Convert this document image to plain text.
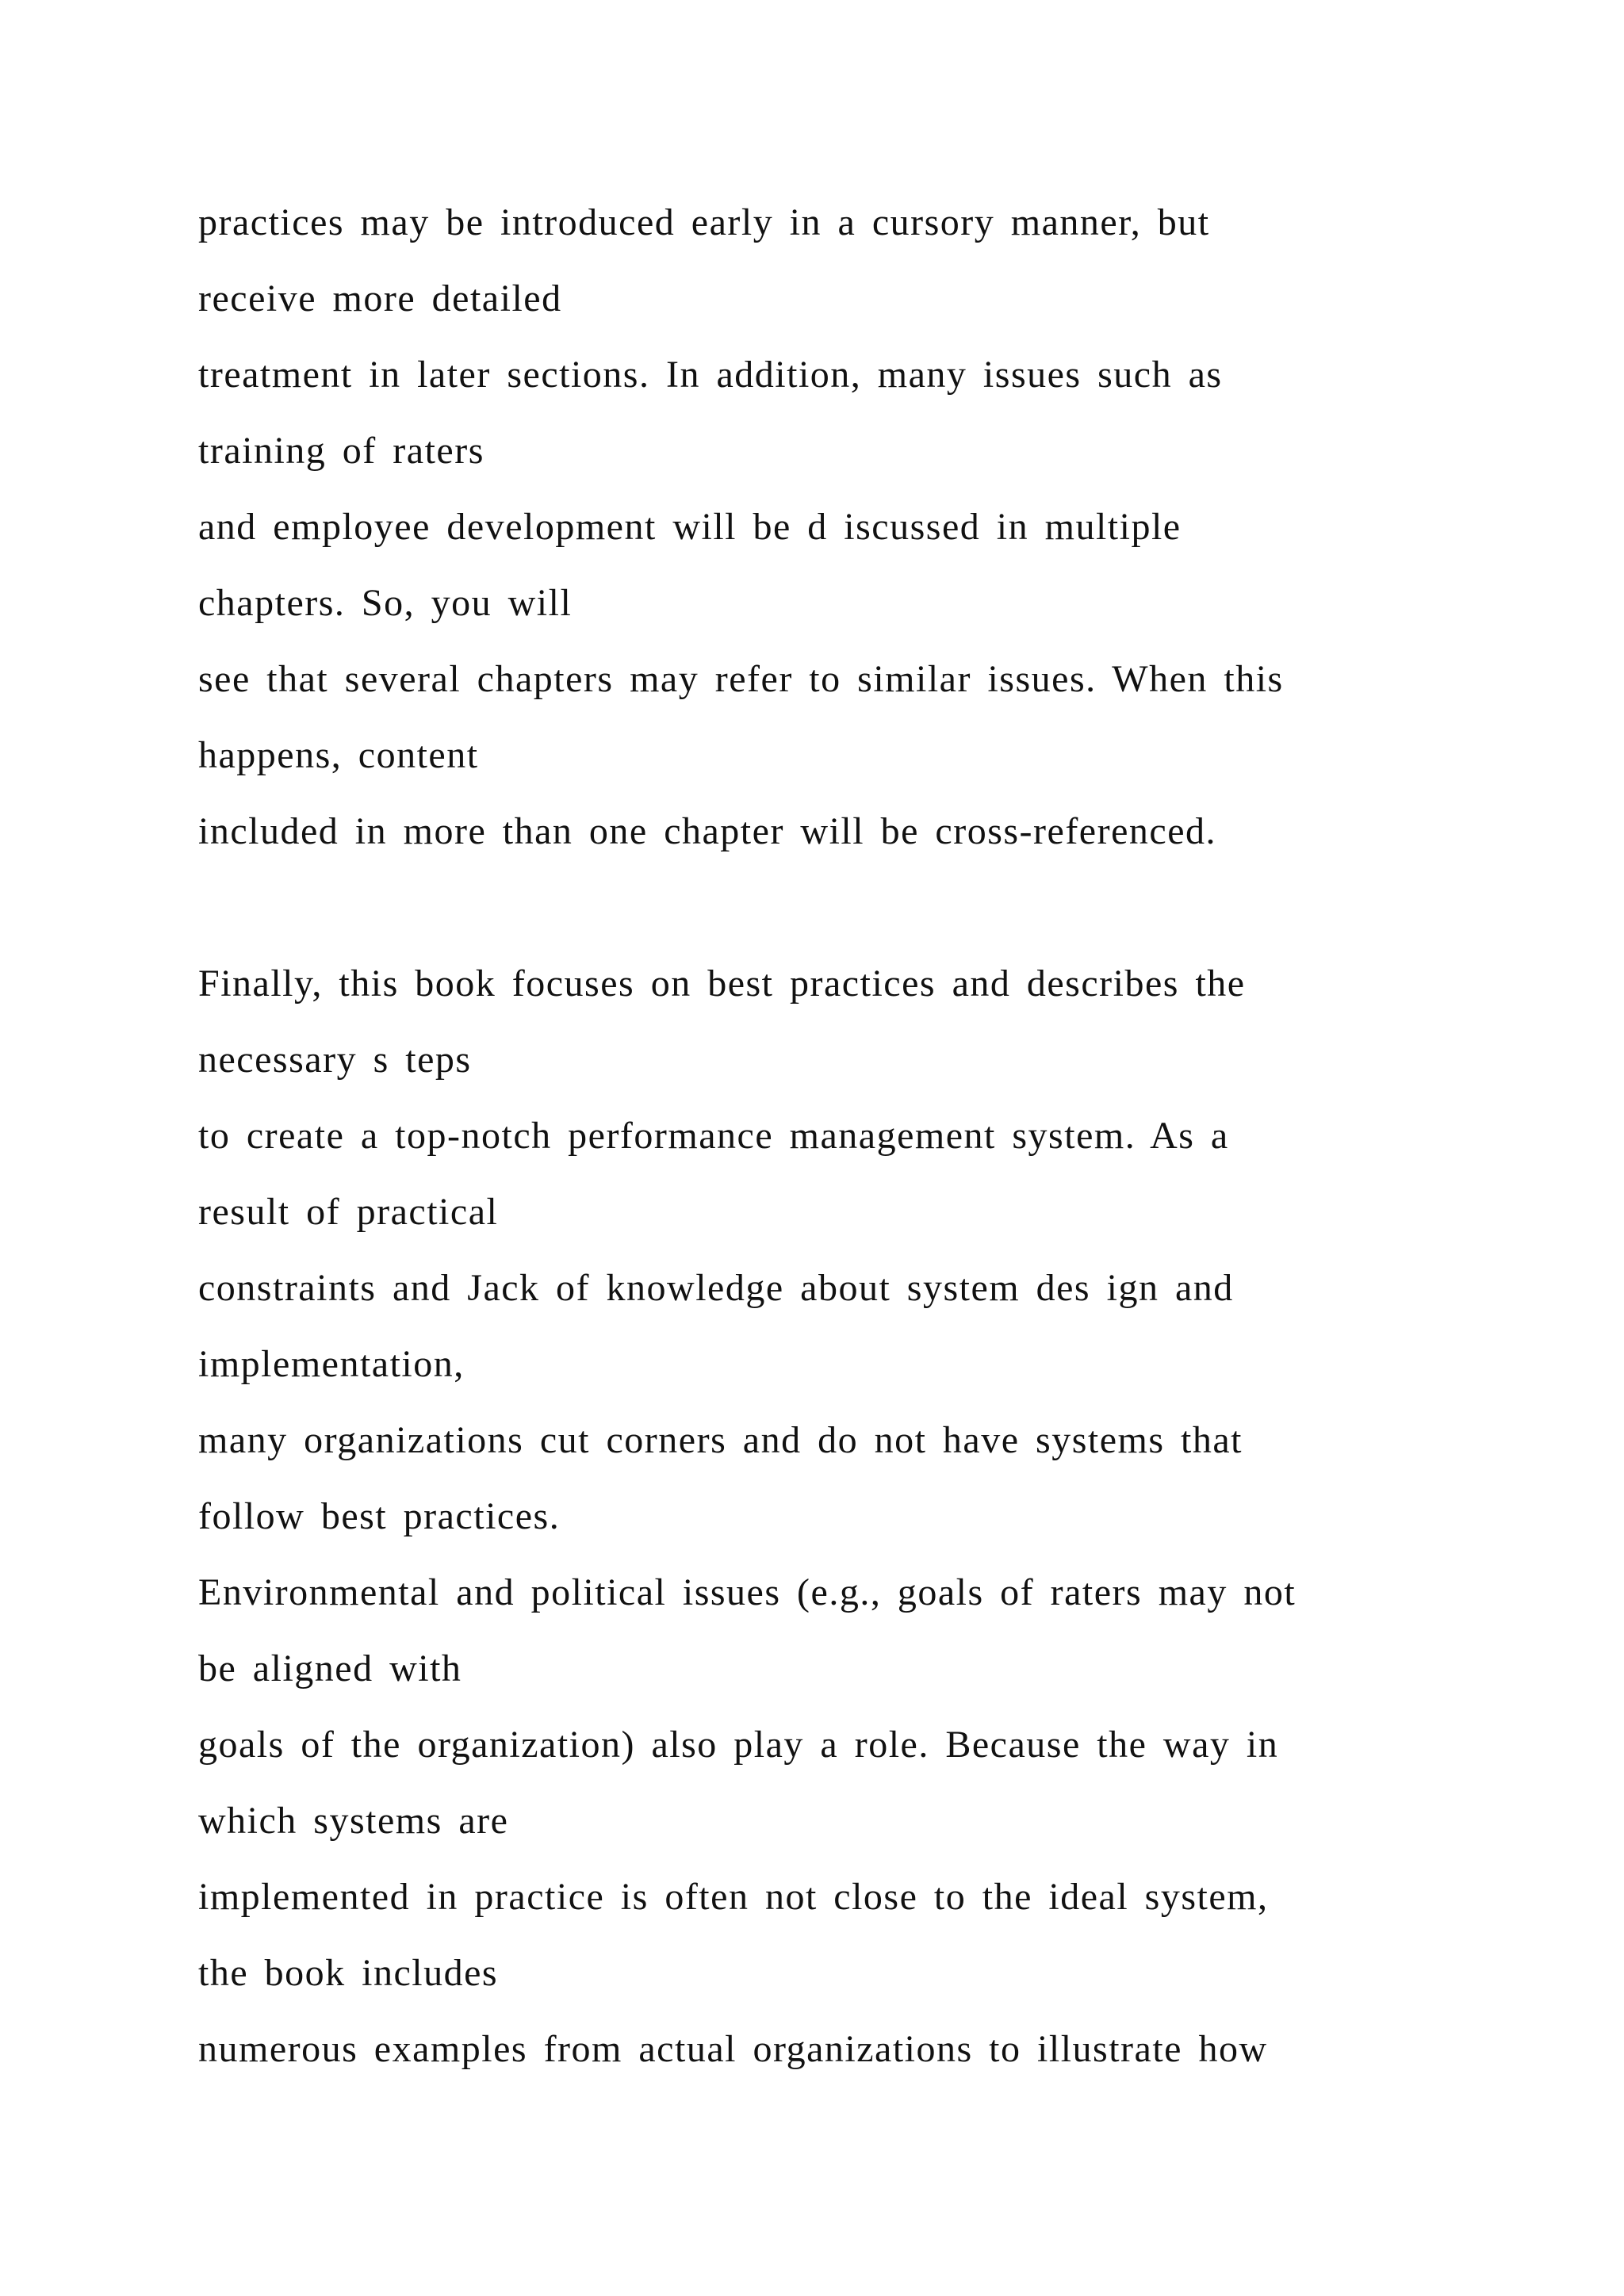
practices may be introduced early in a cursory manner, but
receive more detailed
treatment in later sections. In addition, many issues such as
training of raters
and employee development will be d iscussed in multiple
chapters. So, you will
see that several chapters may refer to similar issues. When this
happens, content
included in more than one chapter will be cross-referenced.
Finally, this book focuses on best practices and describes the
necessary s teps
to create a top-notch performance management system. As a
result of practical
constraints and Jack of knowledge about system des ign and
implementation,
many organizations cut corners and do not have systems that
follow best practices.
Environmental and political issues (e.g., goals of raters may not
be aligned with
goals of the organization) also play a role. Because the way in
which systems are
implemented in practice is often not close to the ideal system,
the book includes
numerous examples from actual organizations to illustrate how
